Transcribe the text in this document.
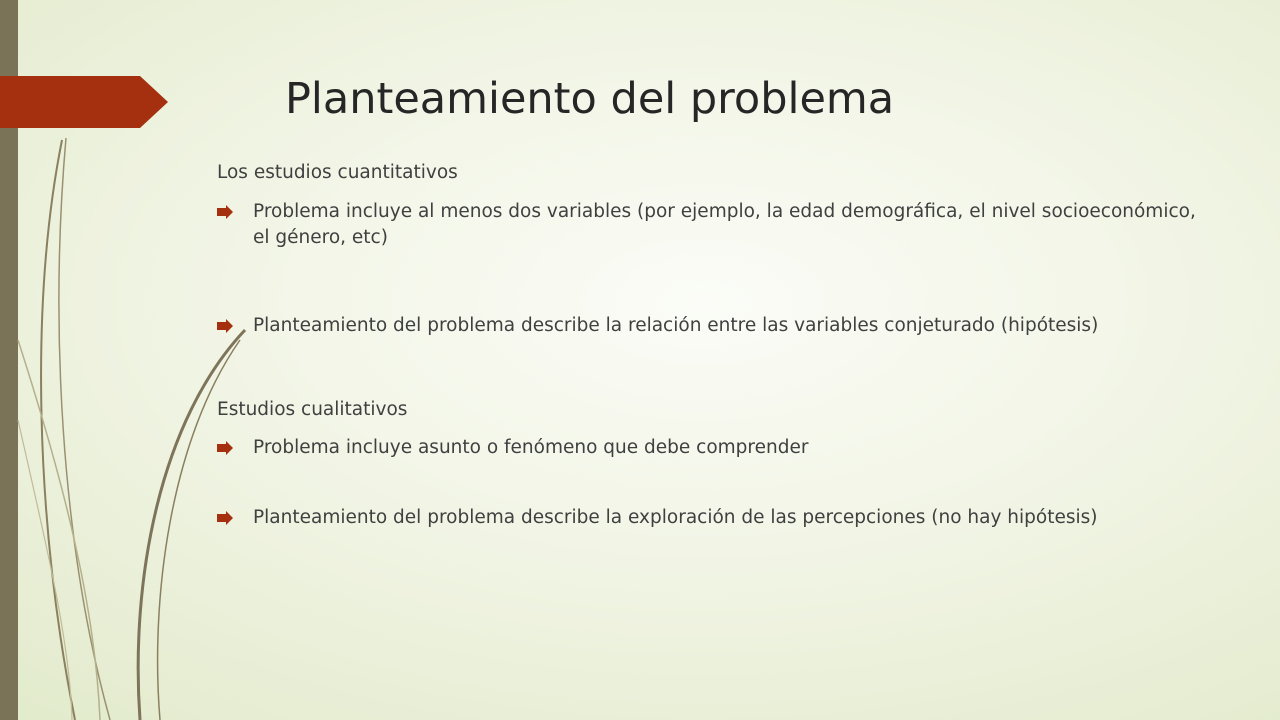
Planteamiento del problema
Los estudios cuantitativos
Problema incluye al menos dos variables (por ejemplo, la edad demográfica, el nivel socioeconómico, el género, etc)
Planteamiento del problema describe la relación entre las variables conjeturado (hipótesis)
Estudios cualitativos
Problema incluye asunto o fenómeno que debe comprender
Planteamiento del problema describe la exploración de las percepciones (no hay hipótesis)
